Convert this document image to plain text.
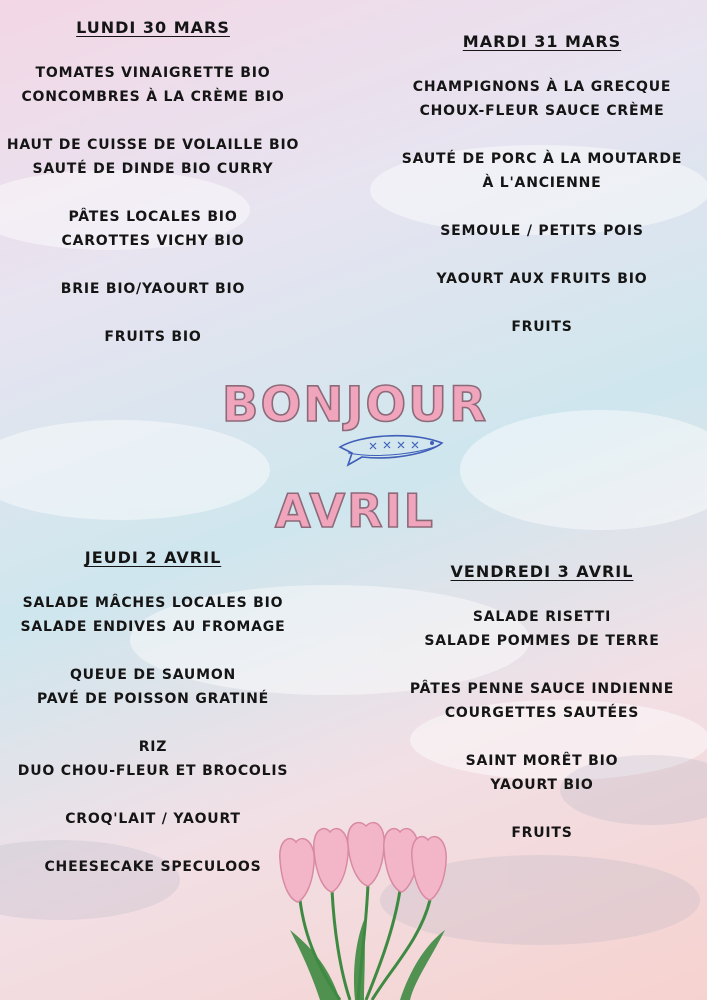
LUNDI 30 MARS
TOMATES VINAIGRETTE BIO
CONCOMBRES À LA CRÈME BIO
HAUT DE CUISSE DE VOLAILLE BIO
SAUTÉ DE DINDE BIO CURRY
PÂTES LOCALES BIO
CAROTTES VICHY BIO
BRIE BIO/YAOURT BIO
FRUITS BIO
MARDI 31 MARS
CHAMPIGNONS À LA GRECQUE
CHOUX-FLEUR SAUCE CRÈME
SAUTÉ DE PORC À LA MOUTARDE
À L'ANCIENNE
SEMOULE / PETITS POIS
YAOURT AUX FRUITS BIO
FRUITS
BONJOUR
AVRIL
JEUDI 2 AVRIL
SALADE MÂCHES LOCALES BIO
SALADE ENDIVES AU FROMAGE
QUEUE DE SAUMON
PAVÉ DE POISSON GRATINÉ
RIZ
DUO CHOU-FLEUR ET BROCOLIS
CROQ'LAIT / YAOURT
CHEESECAKE SPECULOOS
VENDREDI 3 AVRIL
SALADE RISETTI
SALADE POMMES DE TERRE
PÂTES PENNE SAUCE INDIENNE
COURGETTES SAUTÉES
SAINT MORÊT BIO
YAOURT BIO
FRUITS
